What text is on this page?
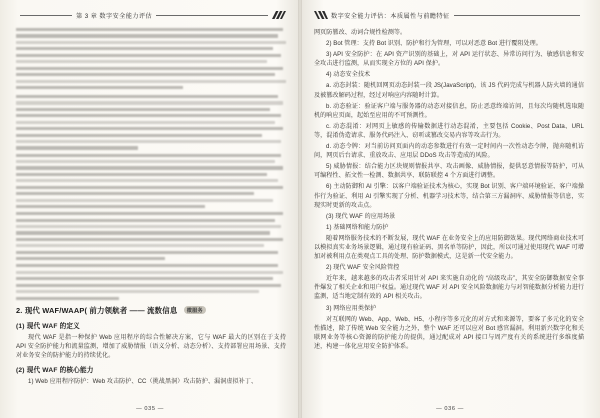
第 3 章 数字安全能力评估
2. 现代 WAF/WAAP( 前力领航者 —— 流数信息 微服务
(1) 现代 WAF 的定义

现代 WAF 是指一种保护 Web 应用程序的综合性解决方案，它与 WAF 最大的区别在于支持 API 安全防护能力和流量监测，增加了威胁情报（语义分析、动态分析）、支持部署应用场景、支持对业务安全的防护能力的持续优化。

(2) 现代 WAF 的核心能力

1) Web 应用程序防护：Web 攻击防护、CC（挑战黑洞）攻击防护、漏洞虚拟补丁、

— 035 —
数字安全能力评估：本质属性与前瞻特征

网页防篡改、动词合规性检测等。

2) Bot 管理：支持 Bot 识别、防护和行为管理，可以对恶意 Bot 进行覆阻处理。

3) API 安全防护：在 API 资产识别的基础上，对 API 运行状态、异常访问行为、敏感信息和安全攻击进行监测，从而实现全方位的 API 保护。

4) 动态安全技术

a. 动态封装：随机回网页动态封装一段 JS(JavaScript)，该 JS 代码完成与机器人防火墙的通信及被篡改解码过程，经过对响应内容随时计算。

b. 动态验证：验证客户端与服务器的动态对接信息，防止恶意终端访问，且每次均随机选取随机的响应页面，起始至应用的不可预测性。

c. 动态混淆：对网页上敏感的传输数据进行动态混淆，主要包括 Cookie、Post Data、URL 等，混淆伪造请求、服务代码注入、窃听或篡改交易内容等攻击行为。

d. 动态令牌：对当前访问页面内的动态参数进行有效一定时间内一次性动态令牌，抛弃随机访问，网页后台请求、重放攻击、应用层 DDoS 攻击等造成的风险。

5) 威胁情报：结合能力区块规则情报共享、攻击画像、威胁情报，提供恶意情报等防护，可从可编程性、拓文性一检测、数据共享、联防联控 4 个方面进行调整。

6) 主动防御和 AI 引擎：以客户端验证技术为核心，实现 Bot 识别、客户端环境验证、客户端操作行为验证、利用 AI 引擎实现了分析、机器学习技术等，结合第三方漏洞库、威胁情报等信息，实现实时更新的攻击点。

(3) 现代 WAF 的应用场景

1) 基础网络和能力防护

随着网络服务技术的不断发展，现代 WAF 在业务安全上的应用防御效果。现代网络商业技术可以模拟真实业务场景逻辑，通过现有验证码、黑名单等防护，因此，所以可通过使用现代 WAF 可增加对被利用点在类观点工具的处理、防护数据模式，这是新一代安全能力。

2) 现代 WAF 安全风险管控

近年来，越来越多的攻击者采用针对 API 来实施自动化的 “高级攻击”，其安全防御数据安全事件爆发了相关企业和用户权益。通过现代 WAF 对 API 安全风险数据能力与对智能数据分析能力进行监测，适当地定制有效的 API 相关攻击。

3) 网络应用类保护

对互联网的 Web、App、Web、H5、小程序等多元化的对方式和来源等，要客了多元化的安全性描述，除了传统 Web 安全能力之外，整个 WAF 还可以应对 Bot 感官漏洞。利用新兴数字化和关联网业务等核心资源的防护能力的提供，通过配成对 API 接口与周产度有关的系统进行多维度描述，构建一体化应用安全防护体系。

— 036 —
